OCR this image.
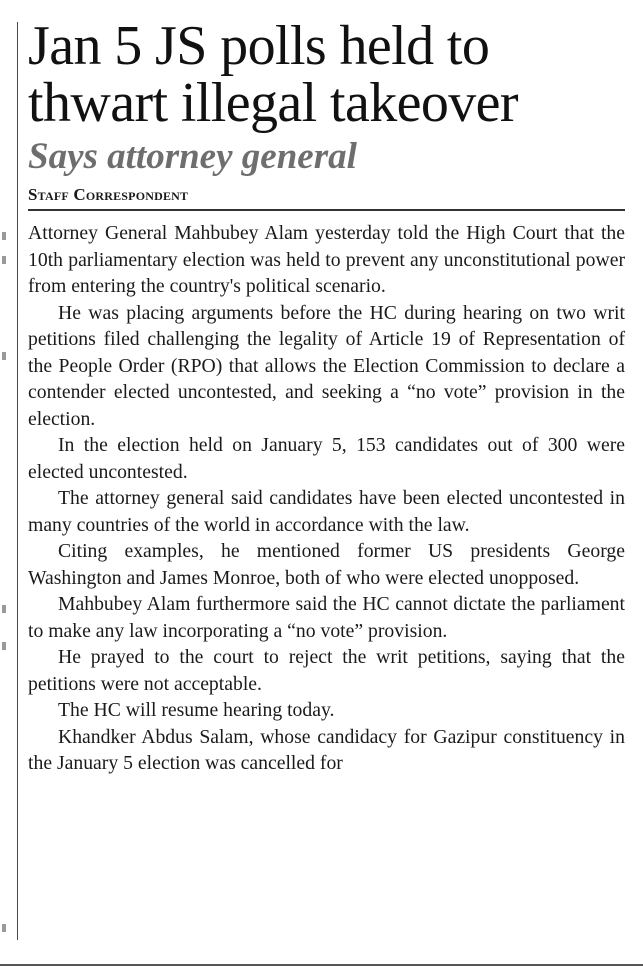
Jan 5 JS polls held to
thwart illegal takeover
Says attorney general
Staff Correspondent

Attorney General Mahbubey Alam yesterday told the High Court that the 10th parliamentary election was held to prevent any unconstitutional power from entering the country's political scenario.

He was placing arguments before the HC during hearing on two writ petitions filed challenging the legality of Article 19 of Representation of the People Order (RPO) that allows the Election Commission to declare a contender elected uncontested, and seeking a “no vote” provision in the election.

In the election held on January 5, 153 candidates out of 300 were elected uncontested.

The attorney general said candidates have been elected uncontested in many countries of the world in accordance with the law.

Citing examples, he mentioned former US presidents George Washington and James Monroe, both of who were elected unopposed.

Mahbubey Alam furthermore said the HC cannot dictate the parliament to make any law incorporating a “no vote” provision.

He prayed to the court to reject the writ petitions, saying that the petitions were not acceptable.

The HC will resume hearing today.

Khandker Abdus Salam, whose candidacy for Gazipur constituency in the January 5 election was cancelled for
